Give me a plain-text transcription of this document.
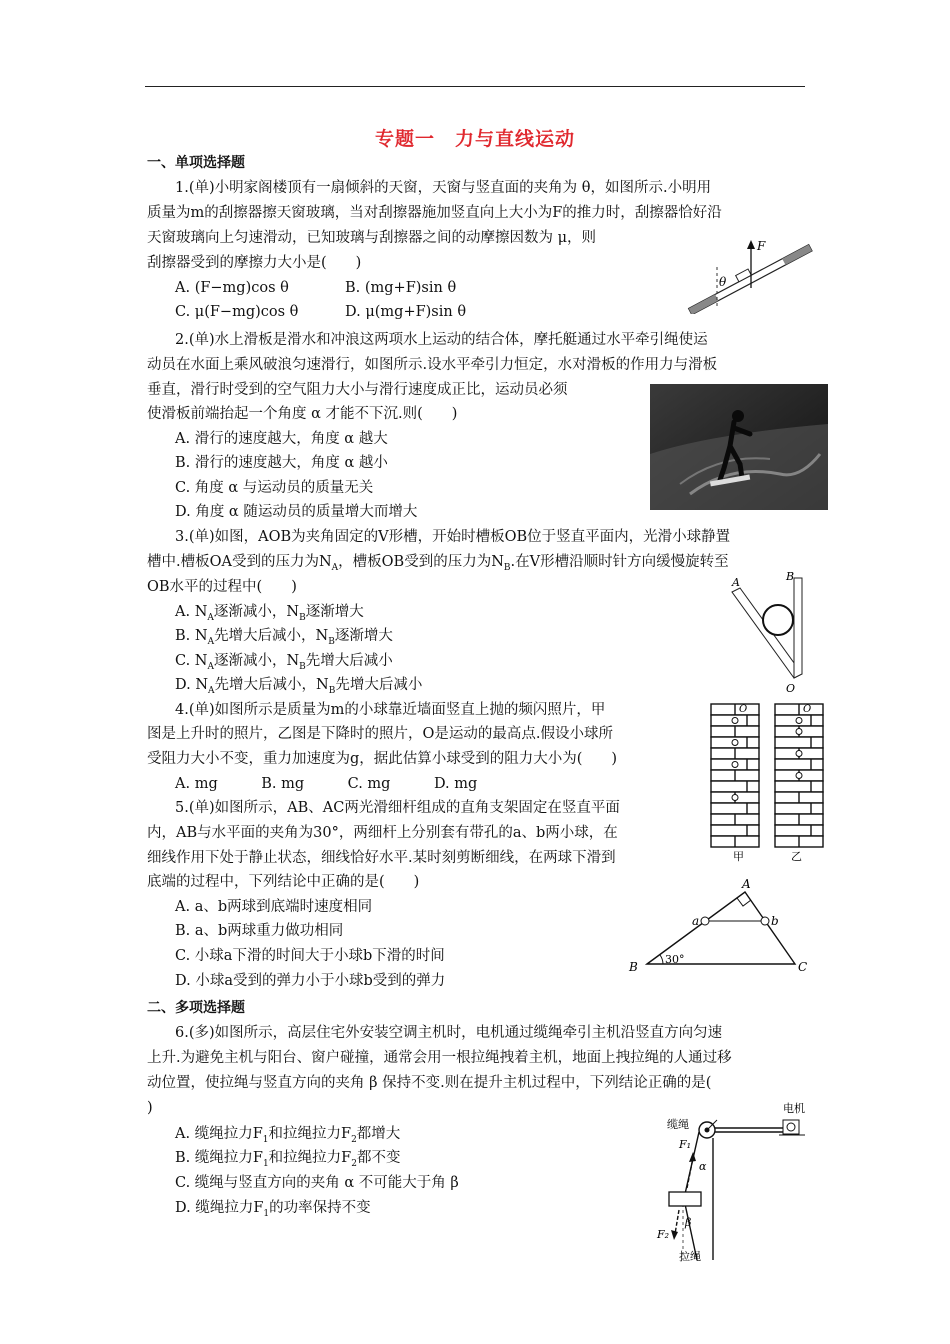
专题一　力与直线运动
一、单项选择题
1.(单)小明家阁楼顶有一扇倾斜的天窗，天窗与竖直面的夹角为 θ，如图所示.小明用
质量为m的刮擦器擦天窗玻璃，当对刮擦器施加竖直向上大小为F的推力时，刮擦器恰好沿
天窗玻璃向上匀速滑动，已知玻璃与刮擦器之间的动摩擦因数为 μ，则
刮擦器受到的摩擦力大小是(　　)
A. (F−mg)cos θ	B. (mg+F)sin θ
C. μ(F−mg)cos θ	D. μ(mg+F)sin θ
F
θ
2.(单)水上滑板是滑水和冲浪这两项水上运动的结合体，摩托艇通过水平牵引绳使运
动员在水面上乘风破浪匀速滑行，如图所示.设水平牵引力恒定，水对滑板的作用力与滑板
垂直，滑行时受到的空气阻力大小与滑行速度成正比，运动员必须
使滑板前端抬起一个角度 α 才能不下沉.则(　　)
A. 滑行的速度越大，角度 α 越大
B. 滑行的速度越大，角度 α 越小
C. 角度 α 与运动员的质量无关
D. 角度 α 随运动员的质量增大而增大
3.(单)如图，AOB为夹角固定的V形槽，开始时槽板OB位于竖直平面内，光滑小球静置
槽中.槽板OA受到的压力为$N_A$，槽板OB受到的压力为$N_B$.在V形槽沿顺时针方向缓慢旋转至
OB水平的过程中(　　)
A. $N_A$逐渐减小，$N_B$逐渐增大
B. $N_A$先增大后减小，$N_B$逐渐增大
C. $N_A$逐渐减小，$N_B$先增大后减小
D. $N_A$先增大后减小，$N_B$先增大后减小
A	B
O
4.(单)如图所示是质量为m的小球靠近墙面竖直上抛的频闪照片，甲
图是上升时的照片，乙图是下降时的照片，O是运动的最高点.假设小球所
受阻力大小不变，重力加速度为g，据此估算小球受到的阻力大小为(　　)
A. mg　　　B. mg　　　C. mg　　　D. mg
O	O
甲	乙
5.(单)如图所示，AB、AC两光滑细杆组成的直角支架固定在竖直平面
内，AB与水平面的夹角为30°，两细杆上分别套有带孔的a、b两小球，在
细线作用下处于静止状态，细线恰好水平.某时刻剪断细线，在两球下滑到
底端的过程中，下列结论中正确的是(　　)
A. a、b两球到底端时速度相同
B. a、b两球重力做功相同
C. 小球a下滑的时间大于小球b下滑的时间
D. 小球a受到的弹力小于小球b受到的弹力
A
B	C
a	b
30°
二、多项选择题
6.(多)如图所示，高层住宅外安装空调主机时，电机通过缆绳牵引主机沿竖直方向匀速
上升.为避免主机与阳台、窗户碰撞，通常会用一根拉绳拽着主机，地面上拽拉绳的人通过移
动位置，使拉绳与竖直方向的夹角 β 保持不变.则在提升主机过程中，下列结论正确的是(
)
A. 缆绳拉力$F_1$和拉绳拉力$F_2$都增大
B. 缆绳拉力$F_1$和拉绳拉力$F_2$都不变
C. 缆绳与竖直方向的夹角 α 不可能大于角 β
D. 缆绳拉力$F_1$的功率保持不变
电机
缆绳
拉绳
F₁
F₂
α
β
